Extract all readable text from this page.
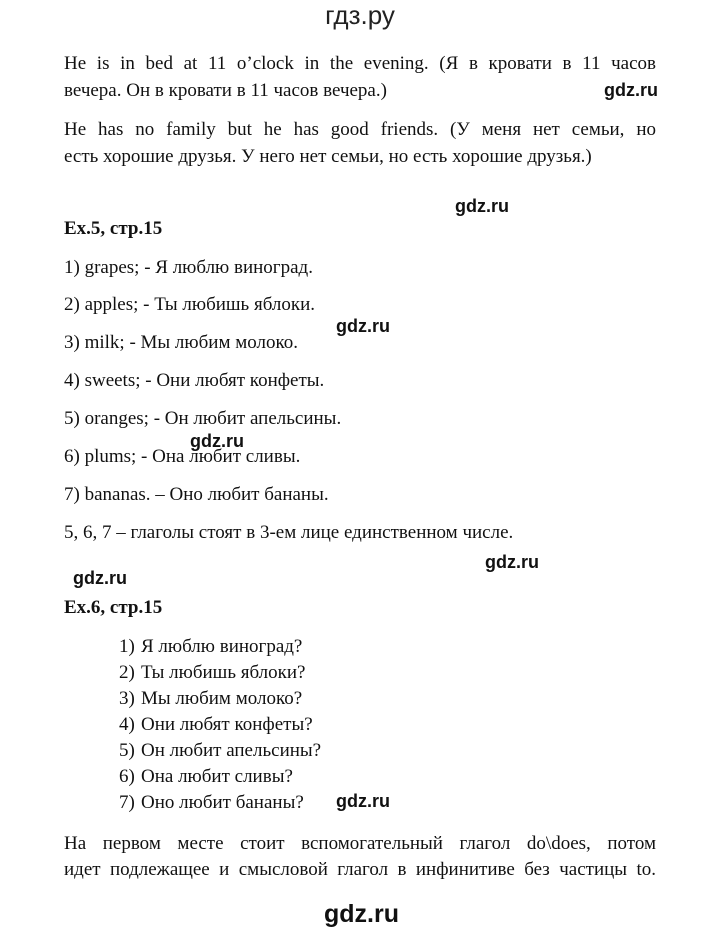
гдз.ру
He is in bed at 11 o’clock in the evening. (Я в кровати в 11 часов
вечера. Он в кровати в 11 часов вечера.)	gdz.ru
He has no family but he has good friends. (У меня нет семьи, но
есть хорошие друзья. У него нет семьи, но есть хорошие друзья.)
gdz.ru
Ex.5, стр.15
1) grapes; - Я люблю виноград.
2) apples; - Ты любишь яблоки.
gdz.ru
3) milk; - Мы любим молоко.
4) sweets; - Они любят конфеты.
5) oranges; - Он любит апельсины.
gdz.ru
6) plums; - Она любит сливы.
7) bananas. – Оно любит бананы.
5, 6, 7 – глаголы стоят в 3-ем лице единственном числе.
gdz.ru
gdz.ru
Ex.6, стр.15
1) Я люблю виноград?
2) Ты любишь яблоки?
3) Мы любим молоко?
4) Они любят конфеты?
5) Он любит апельсины?
6) Она любит сливы?
7) Оно любит бананы? gdz.ru
На первом месте стоит вспомогательный глагол do\does, потом
идет подлежащее и смысловой глагол в инфинитиве без частицы to.
gdz.ru
